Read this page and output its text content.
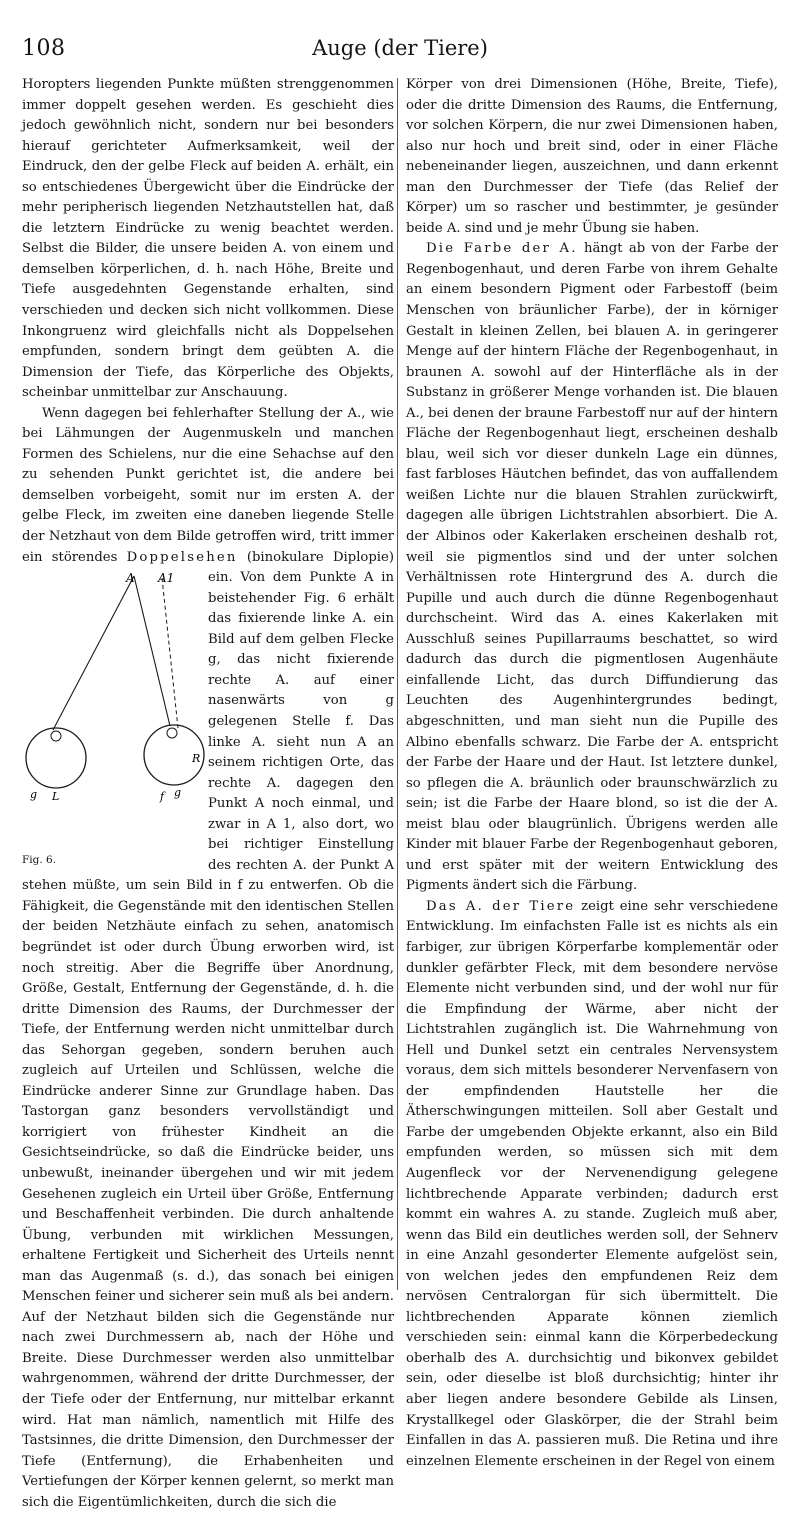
108	Auge (der Tiere)

Horopters liegenden Punkte müßten strenggenommen immer doppelt gesehen werden. Es geschieht dies jedoch gewöhnlich nicht, sondern nur bei besonders hierauf gerichteter Aufmerksamkeit, weil der Eindruck, den der gelbe Fleck auf beiden A. erhält, ein so entschiedenes Übergewicht über die Eindrücke der mehr peripherisch liegenden Netzhautstellen hat, daß die letztern Eindrücke zu wenig beachtet werden. Selbst die Bilder, die unsere beiden A. von einem und demselben körperlichen, d. h. nach Höhe, Breite und Tiefe ausgedehnten Gegenstande erhalten, sind verschieden und decken sich nicht vollkommen. Diese Inkongruenz wird gleichfalls nicht als Doppelsehen empfunden, sondern bringt dem geübten A. die Dimension der Tiefe, das Körperliche des Objekts, scheinbar unmittelbar zur Anschauung.

Wenn dagegen bei fehlerhafter Stellung der A., wie bei Lähmungen der Augenmuskeln und manchen Formen des Schielens, nur die eine Sehachse auf den zu sehenden Punkt gerichtet ist, die andere bei demselben vorbeigeht, somit nur im ersten A. der gelbe Fleck, im zweiten eine daneben liegende Stelle der Netzhaut von dem Bilde getroffen wird, tritt immer ein störendes Doppelsehen
A A1
g L	f g
R
Fig. 6.
(binokulare Diplopie) ein. Von dem Punkte A in beistehender Fig. 6 erhält das fixierende linke A. ein Bild auf dem gelben Flecke g, das nicht fixierende rechte A. auf einer nasenwärts von g gelegenen Stelle f. Das linke A. sieht nun A an seinem richtigen Orte, das rechte A. dagegen den Punkt A noch einmal, und zwar in A 1, also dort, wo bei richtiger Einstellung des rechten A. der Punkt A stehen müßte, um sein Bild in f zu entwerfen. Ob die Fähigkeit, die Gegenstände mit den identischen Stellen der beiden Netzhäute einfach zu sehen, anatomisch begründet ist oder durch Übung erworben wird, ist noch streitig. Aber die Begriffe über Anordnung, Größe, Gestalt, Entfernung der Gegenstände, d. h. die dritte Dimension des Raums, der Durchmesser der Tiefe, der Entfernung werden nicht unmittelbar durch das Sehorgan gegeben, sondern beruhen auch zugleich auf Urteilen und Schlüssen, welche die Eindrücke anderer Sinne zur Grundlage haben. Das Tastorgan ganz besonders vervollständigt und korrigiert von frühester Kindheit an die Gesichtseindrücke, so daß die Eindrücke beider, uns unbewußt, ineinander übergehen und wir mit jedem Gesehenen zugleich ein Urteil über Größe, Entfernung und Beschaffenheit verbinden. Die durch anhaltende Übung, verbunden mit wirklichen Messungen, erhaltene Fertigkeit und Sicherheit des Urteils nennt man das Augenmaß (s. d.), das sonach bei einigen Menschen feiner und sicherer sein muß als bei andern. Auf der Netzhaut bilden sich die Gegenstände nur nach zwei Durchmessern ab, nach der Höhe und Breite. Diese Durchmesser werden also unmittelbar wahrgenommen, während der dritte Durchmesser, der der Tiefe oder der Entfernung, nur mittelbar erkannt wird. Hat man nämlich, namentlich mit Hilfe des Tastsinnes, die dritte Dimension, den Durchmesser der Tiefe (Entfernung), die Erhabenheiten und Vertiefungen der Körper kennen gelernt, so merkt man sich die Eigentümlichkeiten, durch die sich die

Körper von drei Dimensionen (Höhe, Breite, Tiefe), oder die dritte Dimension des Raums, die Entfernung, vor solchen Körpern, die nur zwei Dimensionen haben, also nur hoch und breit sind, oder in einer Fläche nebeneinander liegen, auszeichnen, und dann erkennt man den Durchmesser der Tiefe (das Relief der Körper) um so rascher und bestimmter, je gesünder beide A. sind und je mehr Übung sie haben.

Die Farbe der A. hängt ab von der Farbe der Regenbogenhaut, und deren Farbe von ihrem Gehalte an einem besondern Pigment oder Farbestoff (beim Menschen von bräunlicher Farbe), der in körniger Gestalt in kleinen Zellen, bei blauen A. in geringerer Menge auf der hintern Fläche der Regenbogenhaut, in braunen A. sowohl auf der Hinterfläche als in der Substanz in größerer Menge vorhanden ist. Die blauen A., bei denen der braune Farbestoff nur auf der hintern Fläche der Regenbogenhaut liegt, erscheinen deshalb blau, weil sich vor dieser dunkeln Lage ein dünnes, fast farbloses Häutchen befindet, das von auffallendem weißen Lichte nur die blauen Strahlen zurückwirft, dagegen alle übrigen Lichtstrahlen absorbiert. Die A. der Albinos oder Kakerlaken erscheinen deshalb rot, weil sie pigmentlos sind und der unter solchen Verhältnissen rote Hintergrund des A. durch die Pupille und auch durch die dünne Regenbogenhaut durchscheint. Wird das A. eines Kakerlaken mit Ausschluß seines Pupillarraums beschattet, so wird dadurch das durch die pigmentlosen Augenhäute einfallende Licht, das durch Diffundierung das Leuchten des Augenhintergrundes bedingt, abgeschnitten, und man sieht nun die Pupille des Albino ebenfalls schwarz. Die Farbe der A. entspricht der Farbe der Haare und der Haut. Ist letztere dunkel, so pflegen die A. bräunlich oder braunschwärzlich zu sein; ist die Farbe der Haare blond, so ist die der A. meist blau oder blaugrünlich. Übrigens werden alle Kinder mit blauer Farbe der Regenbogenhaut geboren, und erst später mit der weitern Entwicklung des Pigments ändert sich die Färbung.

Das A. der Tiere zeigt eine sehr verschiedene Entwicklung. Im einfachsten Falle ist es nichts als ein farbiger, zur übrigen Körperfarbe komplementär oder dunkler gefärbter Fleck, mit dem besondere nervöse Elemente nicht verbunden sind, und der wohl nur für die Empfindung der Wärme, aber nicht der Lichtstrahlen zugänglich ist. Die Wahrnehmung von Hell und Dunkel setzt ein centrales Nervensystem voraus, dem sich mittels besonderer Nervenfasern von der empfindenden Hautstelle her die Ätherschwingungen mitteilen. Soll aber Gestalt und Farbe der umgebenden Objekte erkannt, also ein Bild empfunden werden, so müssen sich mit dem Augenfleck vor der Nervenendigung gelegene lichtbrechende Apparate verbinden; dadurch erst kommt ein wahres A. zu stande. Zugleich muß aber, wenn das Bild ein deutliches werden soll, der Sehnerv in eine Anzahl gesonderter Elemente aufgelöst sein, von welchen jedes den empfundenen Reiz dem nervösen Centralorgan für sich übermittelt. Die lichtbrechenden Apparate können ziemlich verschieden sein: einmal kann die Körperbedeckung oberhalb des A. durchsichtig und bikonvex gebildet sein, oder dieselbe ist bloß durchsichtig; hinter ihr aber liegen andere besondere Gebilde als Linsen, Krystallkegel oder Glaskörper, die der Strahl beim Einfallen in das A. passieren muß. Die Retina und ihre einzelnen Elemente erscheinen in der Regel von einem
